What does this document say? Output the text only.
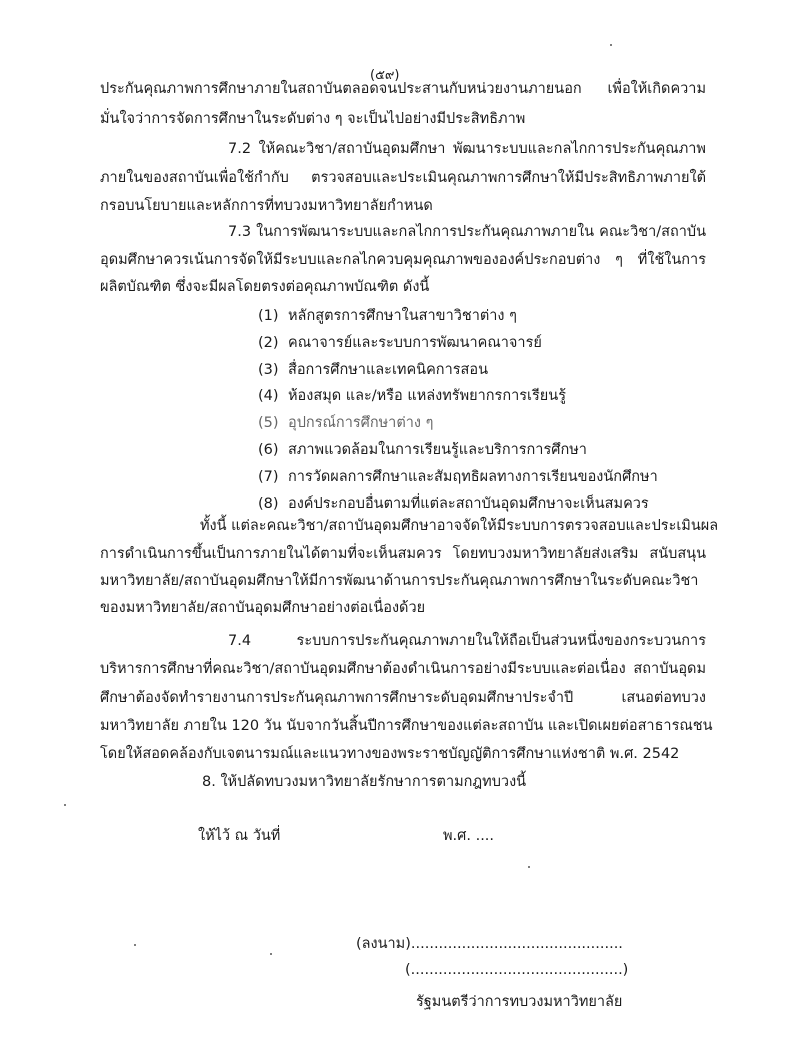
(๕๙)
ประกันคุณภาพการศึกษาภายในสถาบันตลอดจนประสานกับหน่วยงานภายนอก เพื่อให้เกิดความ
มั่นใจว่าการจัดการศึกษาในระดับต่าง ๆ จะเป็นไปอย่างมีประสิทธิภาพ
7.2 ให้คณะวิชา/สถาบันอุดมศึกษา พัฒนาระบบและกลไกการประกันคุณภาพ
ภายในของสถาบันเพื่อใช้กำกับ ตรวจสอบและประเมินคุณภาพการศึกษาให้มีประสิทธิภาพภายใต้
กรอบนโยบายและหลักการที่ทบวงมหาวิทยาลัยกำหนด
7.3 ในการพัฒนาระบบและกลไกการประกันคุณภาพภายใน คณะวิชา/สถาบัน
อุดมศึกษาควรเน้นการจัดให้มีระบบและกลไกควบคุมคุณภาพขององค์ประกอบต่าง ๆ ที่ใช้ในการ
ผลิตบัณฑิต ซึ่งจะมีผลโดยตรงต่อคุณภาพบัณฑิต ดังนี้
(1) หลักสูตรการศึกษาในสาขาวิชาต่าง ๆ
(2) คณาจารย์และระบบการพัฒนาคณาจารย์
(3) สื่อการศึกษาและเทคนิคการสอน
(4) ห้องสมุด และ/หรือ แหล่งทรัพยากรการเรียนรู้
(5) อุปกรณ์การศึกษาต่าง ๆ
(6) สภาพแวดล้อมในการเรียนรู้และบริการการศึกษา
(7) การวัดผลการศึกษาและสัมฤทธิผลทางการเรียนของนักศึกษา
(8) องค์ประกอบอื่นตามที่แต่ละสถาบันอุดมศึกษาจะเห็นสมควร
ทั้งนี้ แต่ละคณะวิชา/สถาบันอุดมศึกษาอาจจัดให้มีระบบการตรวจสอบและประเมินผล
การดำเนินการขึ้นเป็นการภายในได้ตามที่จะเห็นสมควร โดยทบวงมหาวิทยาลัยส่งเสริม สนับสนุน
มหาวิทยาลัย/สถาบันอุดมศึกษาให้มีการพัฒนาด้านการประกันคุณภาพการศึกษาในระดับคณะวิชา
ของมหาวิทยาลัย/สถาบันอุดมศึกษาอย่างต่อเนื่องด้วย
7.4 ระบบการประกันคุณภาพภายในให้ถือเป็นส่วนหนึ่งของกระบวนการ
บริหารการศึกษาที่คณะวิชา/สถาบันอุดมศึกษาต้องดำเนินการอย่างมีระบบและต่อเนื่อง สถาบันอุดม
ศึกษาต้องจัดทำรายงานการประกันคุณภาพการศึกษาระดับอุดมศึกษาประจำปี เสนอต่อทบวง
มหาวิทยาลัย ภายใน 120 วัน นับจากวันสิ้นปีการศึกษาของแต่ละสถาบัน และเปิดเผยต่อสาธารณชน
โดยให้สอดคล้องกับเจตนารมณ์และแนวทางของพระราชบัญญัติการศึกษาแห่งชาติ พ.ศ. 2542
8. ให้ปลัดทบวงมหาวิทยาลัยรักษาการตามกฎทบวงนี้
ให้ไว้ ณ วันที่	พ.ศ. ....
(ลงนาม)..............................................
(..............................................)
รัฐมนตรีว่าการทบวงมหาวิทยาลัย
